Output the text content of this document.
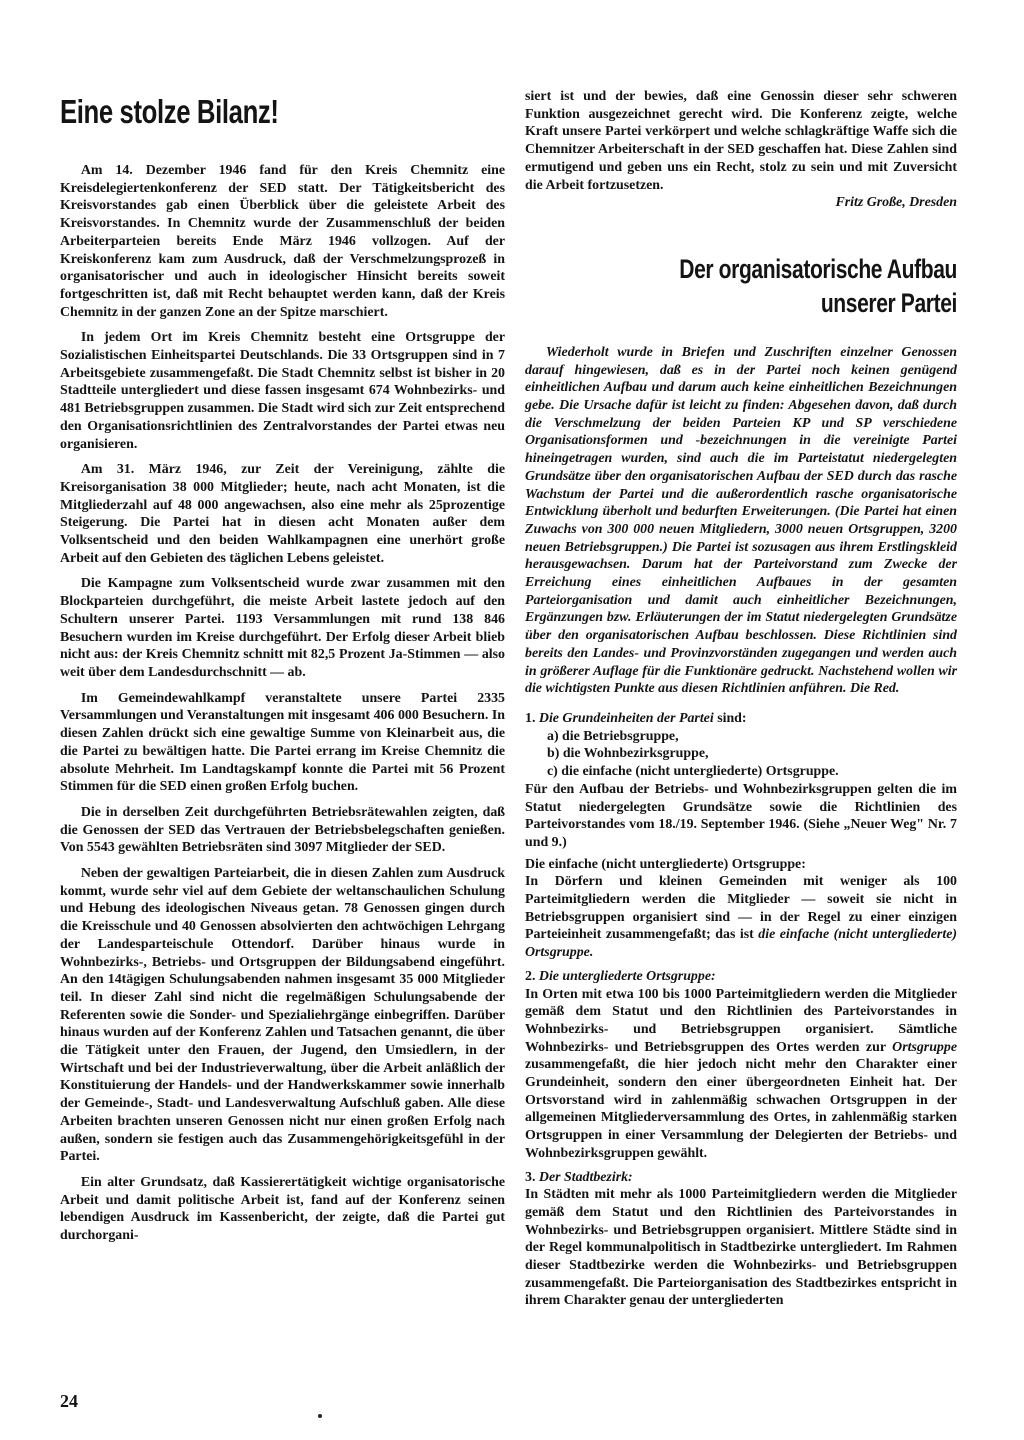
Eine stolze Bilanz!

Am 14. Dezember 1946 fand für den Kreis Chemnitz eine Kreisdelegiertenkonferenz der SED statt. Der Tätigkeitsbericht des Kreisvorstandes gab einen Überblick über die geleistete Arbeit des Kreisvorstandes. In Chemnitz wurde der Zusammenschluß der beiden Arbeiterparteien bereits Ende März 1946 vollzogen. Auf der Kreiskonferenz kam zum Ausdruck, daß der Verschmelzungsprozeß in organisatorischer und auch in ideologischer Hinsicht bereits soweit fortgeschritten ist, daß mit Recht behauptet werden kann, daß der Kreis Chemnitz in der ganzen Zone an der Spitze marschiert.

In jedem Ort im Kreis Chemnitz besteht eine Ortsgruppe der Sozialistischen Einheitspartei Deutschlands. Die 33 Ortsgruppen sind in 7 Arbeitsgebiete zusammengefaßt. Die Stadt Chemnitz selbst ist bisher in 20 Stadtteile untergliedert und diese fassen insgesamt 674 Wohnbezirks- und 481 Betriebsgruppen zusammen. Die Stadt wird sich zur Zeit entsprechend den Organisationsrichtlinien des Zentralvorstandes der Partei etwas neu organisieren.

Am 31. März 1946, zur Zeit der Vereinigung, zählte die Kreisorganisation 38 000 Mitglieder; heute, nach acht Monaten, ist die Mitgliederzahl auf 48 000 angewachsen, also eine mehr als 25prozentige Steigerung. Die Partei hat in diesen acht Monaten außer dem Volksentscheid und den beiden Wahlkampagnen eine unerhört große Arbeit auf den Gebieten des täglichen Lebens geleistet.

Die Kampagne zum Volksentscheid wurde zwar zusammen mit den Blockparteien durchgeführt, die meiste Arbeit lastete jedoch auf den Schultern unserer Partei. 1193 Versammlungen mit rund 138 846 Besuchern wurden im Kreise durchgeführt. Der Erfolg dieser Arbeit blieb nicht aus: der Kreis Chemnitz schnitt mit 82,5 Prozent Ja-Stimmen — also weit über dem Landesdurchschnitt — ab.

Im Gemeindewahlkampf veranstaltete unsere Partei 2335 Versammlungen und Veranstaltungen mit insgesamt 406 000 Besuchern. In diesen Zahlen drückt sich eine gewaltige Summe von Kleinarbeit aus, die die Partei zu bewältigen hatte. Die Partei errang im Kreise Chemnitz die absolute Mehrheit. Im Landtagskampf konnte die Partei mit 56 Prozent Stimmen für die SED einen großen Erfolg buchen.

Die in derselben Zeit durchgeführten Betriebsrätewahlen zeigten, daß die Genossen der SED das Vertrauen der Betriebsbelegschaften genießen. Von 5543 gewählten Betriebsräten sind 3097 Mitglieder der SED.

Neben der gewaltigen Parteiarbeit, die in diesen Zahlen zum Ausdruck kommt, wurde sehr viel auf dem Gebiete der weltanschaulichen Schulung und Hebung des ideologischen Niveaus getan. 78 Genossen gingen durch die Kreisschule und 40 Genossen absolvierten den achtwöchigen Lehrgang der Landesparteischule Ottendorf. Darüber hinaus wurde in Wohnbezirks-, Betriebs- und Ortsgruppen der Bildungsabend eingeführt. An den 14tägigen Schulungsabenden nahmen insgesamt 35 000 Mitglieder teil. In dieser Zahl sind nicht die regelmäßigen Schulungsabende der Referenten sowie die Sonder- und Spezialiehrgänge einbegriffen. Darüber hinaus wurden auf der Konferenz Zahlen und Tatsachen genannt, die über die Tätigkeit unter den Frauen, der Jugend, den Umsiedlern, in der Wirtschaft und bei der Industrieverwaltung, über die Arbeit anläßlich der Konstituierung der Handels- und der Handwerkskammer sowie innerhalb der Gemeinde-, Stadt- und Landesverwaltung Aufschluß gaben. Alle diese Arbeiten brachten unseren Genossen nicht nur einen großen Erfolg nach außen, sondern sie festigen auch das Zusammengehörigkeitsgefühl in der Partei.

Ein alter Grundsatz, daß Kassierertätigkeit wichtige organisatorische Arbeit und damit politische Arbeit ist, fand auf der Konferenz seinen lebendigen Ausdruck im Kassenbericht, der zeigte, daß die Partei gut durchorgani-

siert ist und der bewies, daß eine Genossin dieser sehr schweren Funktion ausgezeichnet gerecht wird. Die Konferenz zeigte, welche Kraft unsere Partei verkörpert und welche schlagkräftige Waffe sich die Chemnitzer Arbeiterschaft in der SED geschaffen hat. Diese Zahlen sind ermutigend und geben uns ein Recht, stolz zu sein und mit Zuversicht die Arbeit fortzusetzen.

Fritz Große, Dresden
Der organisatorische Aufbau
unserer Partei

Wiederholt wurde in Briefen und Zuschriften einzelner Genossen darauf hingewiesen, daß es in der Partei noch keinen genügend einheitlichen Aufbau und darum auch keine einheitlichen Bezeichnungen gebe. Die Ursache dafür ist leicht zu finden: Abgesehen davon, daß durch die Verschmelzung der beiden Parteien KP und SP verschiedene Organisationsformen und -bezeichnungen in die vereinigte Partei hineingetragen wurden, sind auch die im Parteistatut niedergelegten Grundsätze über den organisatorischen Aufbau der SED durch das rasche Wachstum der Partei und die außerordentlich rasche organisatorische Entwicklung überholt und bedurften Erweiterungen. (Die Partei hat einen Zuwachs von 300 000 neuen Mitgliedern, 3000 neuen Ortsgruppen, 3200 neuen Betriebsgruppen.) Die Partei ist sozusagen aus ihrem Erstlingskleid herausgewachsen. Darum hat der Parteivorstand zum Zwecke der Erreichung eines einheitlichen Aufbaues in der gesamten Parteiorganisation und damit auch einheitlicher Bezeichnungen, Ergänzungen bzw. Erläuterungen der im Statut niedergelegten Grundsätze über den organisatorischen Aufbau beschlossen. Diese Richtlinien sind bereits den Landes- und Provinzvorständen zugegangen und werden auch in größerer Auflage für die Funktionäre gedruckt. Nachstehend wollen wir die wichtigsten Punkte aus diesen Richtlinien anführen. Die Red.

1. Die Grundeinheiten der Partei sind:
a) die Betriebsgruppe,
b) die Wohnbezirksgruppe,
c) die einfache (nicht untergliederte) Ortsgruppe.

Für den Aufbau der Betriebs- und Wohnbezirksgruppen gelten die im Statut niedergelegten Grundsätze sowie die Richtlinien des Parteivorstandes vom 18./19. September 1946. (Siehe „Neuer Weg" Nr. 7 und 9.)

Die einfache (nicht untergliederte) Ortsgruppe:

In Dörfern und kleinen Gemeinden mit weniger als 100 Parteimitgliedern werden die Mitglieder — soweit sie nicht in Betriebsgruppen organisiert sind — in der Regel zu einer einzigen Parteieinheit zusammengefaßt; das ist die einfache (nicht untergliederte) Ortsgruppe.

2. Die untergliederte Ortsgruppe:

In Orten mit etwa 100 bis 1000 Parteimitgliedern werden die Mitglieder gemäß dem Statut und den Richtlinien des Parteivorstandes in Wohnbezirks- und Betriebsgruppen organisiert. Sämtliche Wohnbezirks- und Betriebsgruppen des Ortes werden zur Ortsgruppe zusammengefaßt, die hier jedoch nicht mehr den Charakter einer Grundeinheit, sondern den einer übergeordneten Einheit hat. Der Ortsvorstand wird in zahlenmäßig schwachen Ortsgruppen in der allgemeinen Mitgliederversammlung des Ortes, in zahlenmäßig starken Ortsgruppen in einer Versammlung der Delegierten der Betriebs- und Wohnbezirksgruppen gewählt.

3. Der Stadtbezirk:

In Städten mit mehr als 1000 Parteimitgliedern werden die Mitglieder gemäß dem Statut und den Richtlinien des Parteivorstandes in Wohnbezirks- und Betriebsgruppen organisiert. Mittlere Städte sind in der Regel kommunalpolitisch in Stadtbezirke untergliedert. Im Rahmen dieser Stadtbezirke werden die Wohnbezirks- und Betriebsgruppen zusammengefaßt. Die Parteiorganisation des Stadtbezirkes entspricht in ihrem Charakter genau der untergliederten

24
